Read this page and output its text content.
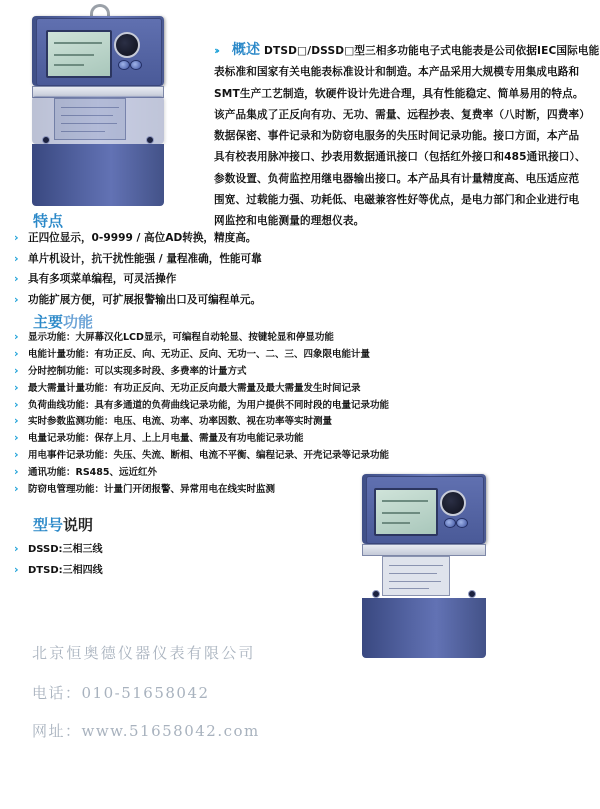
›› 概述 DTSD□/DSSD□型三相多功能电子式电能表是公司依据IEC国际电能
表标准和国家有关电能表标准设计和制造。本产品采用大规模专用集成电路和
SMT生产工艺制造，软硬件设计先进合理，具有性能稳定、简单易用的特点。
该产品集成了正反向有功、无功、需量、远程抄表、复费率（八时断，四费率）
数据保密、事件记录和为防窃电服务的失压时间记录功能。接口方面，本产品
具有校表用脉冲接口、抄表用数据通讯接口（包括红外接口和485通讯接口）、
参数设置、负荷监控用继电器输出接口。本产品具有计量精度高、电压适应范
围宽、过载能力强、功耗低、电磁兼容性好等优点，是电力部门和企业进行电
网监控和电能测量的理想仪表。
特点
› 正四位显示，0-9999 / 高位AD转换，精度高。
› 单片机设计，抗干扰性能强 / 量程准确，性能可靠
› 具有多项菜单编程，可灵活操作
› 功能扩展方便，可扩展报警输出口及可编程单元。
主要功能
› 显示功能：大屏幕汉化LCD显示，可编程自动轮显、按键轮显和停显功能
› 电能计量功能：有功正反、向、无功正、反向、无功一、二、三、四象限电能计量
› 分时控制功能：可以实现多时段、多费率的计量方式
› 最大需量计量功能：有功正反向、无功正反向最大需量及最大需量发生时间记录
› 负荷曲线功能：具有多通道的负荷曲线记录功能，为用户提供不同时段的电量记录功能
› 实时参数监测功能：电压、电流、功率、功率因数、视在功率等实时测量
› 电量记录功能：保存上月、上上月电量、需量及有功电能记录功能
› 用电事件记录功能：失压、失流、断相、电流不平衡、编程记录、开壳记录等记录功能
› 通讯功能：RS485、远近红外
› 防窃电管理功能：计量门开闭报警、异常用电在线实时监测
型号说明
› DSSD:三相三线
› DTSD:三相四线
北京恒奥德仪器仪表有限公司
电话：010-51658042
网址：www.51658042.com
